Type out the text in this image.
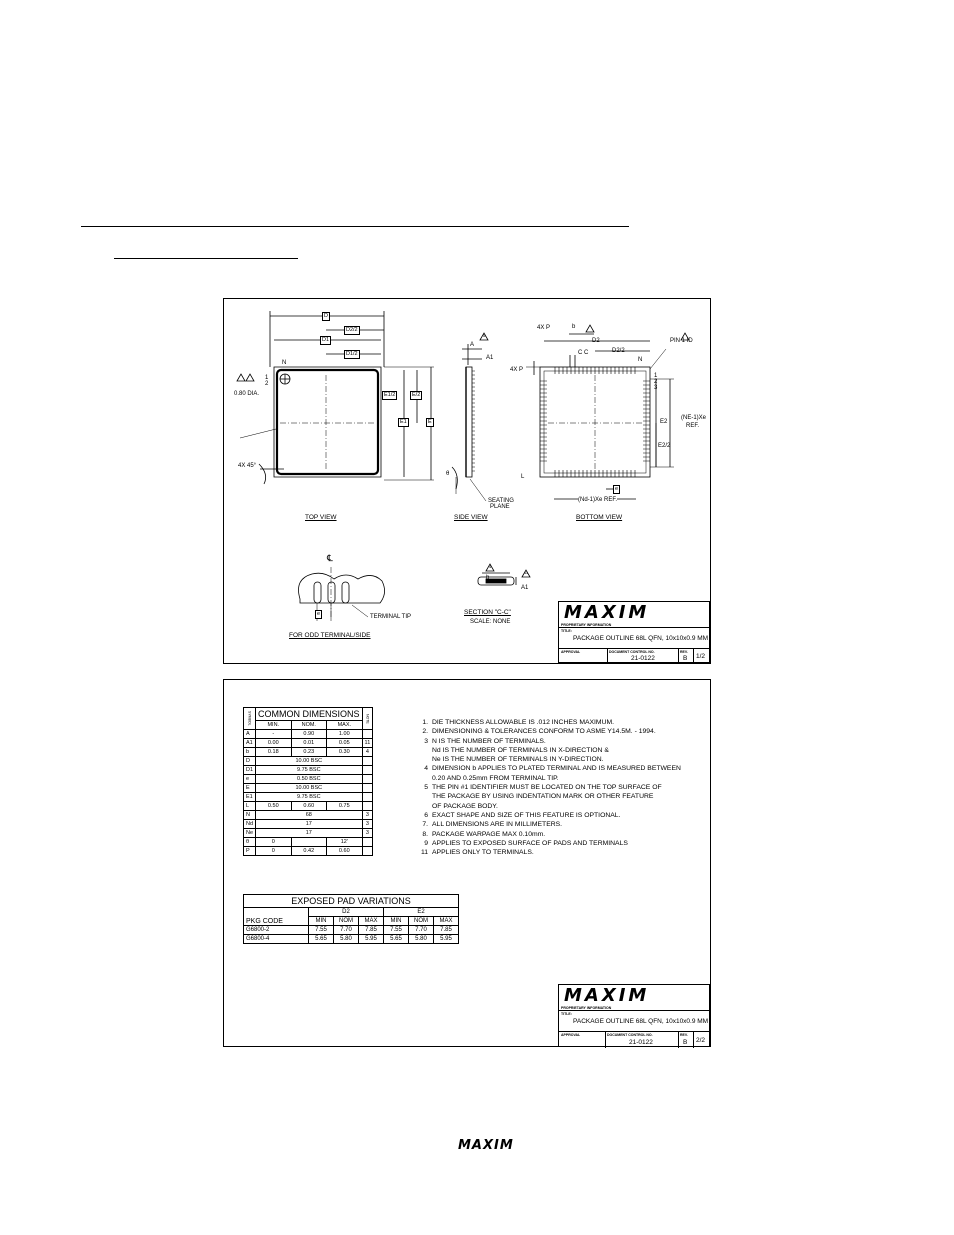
D
D2/2
D1
D1/2
E1/2	E/2
E1	E
N
1
2
0.80 DIA.
4X 45°
TOP VIEW
A
A1
θ
SEATING
PLANE
SIDE VIEW
5
4X P	b
C C
D2
D2/2
PIN 1 ID
N
1
2
3
4X P
E2
E2/2
(NE-1)Xe
REF.
L
e
(Nd-1)Xe REF.
BOTTOM VIEW
℄
e	TERMINAL TIP
FOR ODD TERMINAL/SIDE
b
A1
4
11
SECTION "C-C"
SCALE: NONE	MAXIM
PROPRIETARY INFORMATION
TITLE:
PACKAGE OUTLINE 68L QFN, 10x10x0.9 MM
APPROVAL	DOCUMENT CONTROL NO.
21-0122
REV.
B 1/2
SYMBOL	COMMON DIMENSIONS			NOTE
	MIN.	NOM.	MAX.	
A	-	0.90	1.00	
A1	0.00	0.01	0.05	11
b	0.18	0.23	0.30	4
D	10.00 BSC			
D1	9.75 BSC			
e	0.50 BSC			
E	10.00 BSC			
E1	9.75 BSC			
L	0.50	0.60	0.75	
N	68			3
Nd	17			3
Ne	17			3
θ	0		12'	
P	0	0.42	0.60	
1. DIE THICKNESS ALLOWABLE IS .012 INCHES MAXIMUM.
2. DIMENSIONING & TOLERANCES CONFORM TO ASME Y14.5M. - 1994.
3 N IS THE NUMBER OF TERMINALS.
Nd IS THE NUMBER OF TERMINALS IN X-DIRECTION &
Ne IS THE NUMBER OF TERMINALS IN Y-DIRECTION.
4 DIMENSION b APPLIES TO PLATED TERMINAL AND IS MEASURED BETWEEN
0.20 AND 0.25mm FROM TERMINAL TIP.
5 THE PIN #1 IDENTIFIER MUST BE LOCATED ON THE TOP SURFACE OF
THE PACKAGE BY USING INDENTATION MARK OR OTHER FEATURE
OF PACKAGE BODY.
6 EXACT SHAPE AND SIZE OF THIS FEATURE IS OPTIONAL.
7. ALL DIMENSIONS ARE IN MILLIMETERS.
8. PACKAGE WARPAGE MAX 0.10mm.
9 APPLIES TO EXPOSED SURFACE OF PADS AND TERMINALS
11 APPLIES ONLY TO TERMINALS.
EXPOSED PAD VARIATIONS						
PKG CODE	D2			E2		
	MIN	NOM	MAX	MIN	NOM	MAX
G6800-2	7.55	7.70	7.85	7.55	7.70	7.85
G6800-4	5.65	5.80	5.95	5.65	5.80	5.95
MAXIM
PROPRIETARY INFORMATION
TITLE:
PACKAGE OUTLINE 68L QFN, 10x10x0.9 MM
APPROVAL	DOCUMENT CONTROL NO.
21-0122
REV.
B 2/2
MAXIM
